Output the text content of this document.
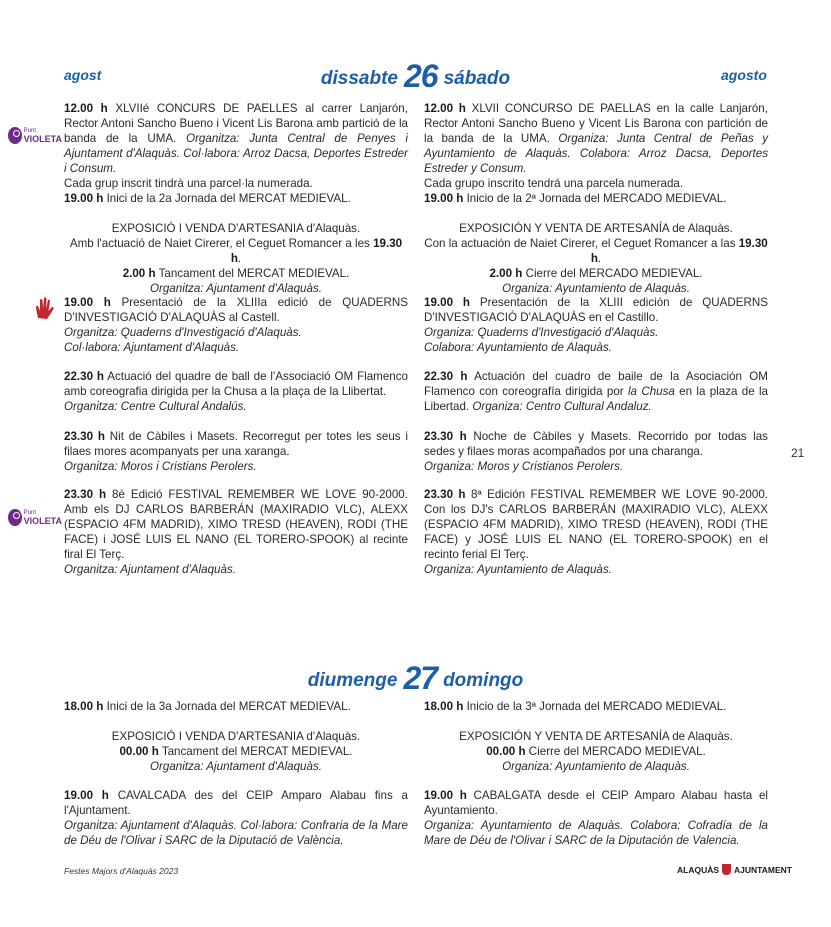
agost	agosto
dissabte 26 sábado
Punt
VIOLETA
Punt
VIOLETA

12.00 h XLVIIé CONCURS DE PAELLES al carrer Lanjarón, Rector Antoni Sancho Bueno i Vicent Lis Barona amb partició de la banda de la UMA. Organitza: Junta Central de Penyes i Ajuntament d'Alaquàs. Col·labora: Arroz Dacsa, Deportes Estreder i Consum.

Cada grup inscrit tindrà una parcel·la numerada.

19.00 h Inici de la 2a Jornada del MERCAT MEDIEVAL.

EXPOSICIÓ I VENDA D'ARTESANIA d'Alaquàs.

Amb l'actuació de Naiet Cirerer, el Ceguet Romancer a les 19.30 h.

2.00 h Tancament del MERCAT MEDIEVAL.

Organitza: Ajuntament d'Alaquàs.

19.00 h Presentació de la XLIIIa edició de QUADERNS D'INVESTIGACIÓ D'ALAQUÀS al Castell.

Organitza: Quaderns d'Investigació d'Alaquàs.

Col·labora: Ajuntament d'Alaquàs.

22.30 h Actuació del quadre de ball de l'Associació OM Flamenco amb coreografia dirigida per la Chusa a la plaça de la Llibertat.

Organitza: Centre Cultural Andalús.

23.30 h Nit de Càbiles i Masets. Recorregut per totes les seus i filaes mores acompanyats per una xaranga.

Organitza: Moros i Cristians Perolers.

23.30 h 8è Edició FESTIVAL REMEMBER WE LOVE 90-2000. Amb els DJ CARLOS BARBERÁN (MAXIRADIO VLC), ALEXX (ESPACIO 4FM MADRID), XIMO TRESD (HEAVEN), RODI (THE FACE) i JOSÉ LUIS EL NANO (EL TORERO-SPOOK) al recinte firal El Terç.

Organitza: Ajuntament d'Alaquàs.

12.00 h XLVII CONCURSO DE PAELLAS en la calle Lanjarón, Rector Antoni Sancho Bueno y Vicent Lis Barona con partición de la banda de la UMA. Organiza: Junta Central de Peñas y Ayuntamiento de Alaquàs. Colabora: Arroz Dacsa, Deportes Estreder y Consum.

Cada grupo inscrito tendrá una parcela numerada.

19.00 h Inicio de la 2ª Jornada del MERCADO MEDIEVAL.

EXPOSICIÓN Y VENTA DE ARTESANÍA de Alaquàs.

Con la actuación de Naiet Cirerer, el Ceguet Romancer a las 19.30 h.

2.00 h Cierre del MERCADO MEDIEVAL.

Organiza: Ayuntamiento de Alaquàs.

19.00 h Presentación de la XLIII edición de QUADERNS D'INVESTIGACIÓ D'ALAQUÀS en el Castillo.

Organiza: Quaderns d'Investigació d'Alaquàs.

Colabora: Ayuntamiento de Alaquàs.

22.30 h Actuación del cuadro de baile de la Asociación OM Flamenco con coreografía dirigida por la Chusa en la plaza de la Libertad. Organiza: Centro Cultural Andaluz.

23.30 h Noche de Càbiles y Masets. Recorrido por todas las sedes y filaes moras acompañados por una charanga.

Organiza: Moros y Cristianos Perolers.

23.30 h 8ª Edición FESTIVAL REMEMBER WE LOVE 90-2000. Con los DJ's CARLOS BARBERÁN (MAXIRADIO VLC), ALEXX (ESPACIO 4FM MADRID), XIMO TRESD (HEAVEN), RODI (THE FACE) y JOSÉ LUIS EL NANO (EL TORERO-SPOOK) en el recinto ferial El Terç.

Organiza: Ayuntamiento de Alaquàs.

21
diumenge 27 domingo

18.00 h Inici de la 3a Jornada del MERCAT MEDIEVAL.

EXPOSICIÓ I VENDA D'ARTESANIA d'Alaquàs.

00.00 h Tancament del MERCAT MEDIEVAL.

Organitza: Ajuntament d'Alaquàs.

19.00 h CAVALCADA des del CEIP Amparo Alabau fins a l'Ajuntament.

Organitza: Ajuntament d'Alaquàs. Col·labora: Confraria de la Mare de Déu de l'Olivar i SARC de la Diputació de València.

18.00 h Inicio de la 3ª Jornada del MERCADO MEDIEVAL.

EXPOSICIÓN Y VENTA DE ARTESANÍA de Alaquàs.

00.00 h Cierre del MERCADO MEDIEVAL.

Organiza: Ayuntamiento de Alaquàs.

19.00 h CABALGATA desde el CEIP Amparo Alabau hasta el Ayuntamiento.

Organiza: Ayuntamiento de Alaquàs. Colabora: Cofradía de la Mare de Déu de l'Olivar i SARC de la Diputación de Valencia.

Festes Majors d'Alaquàs 2023	ALAQUÀS AJUNTAMENT
